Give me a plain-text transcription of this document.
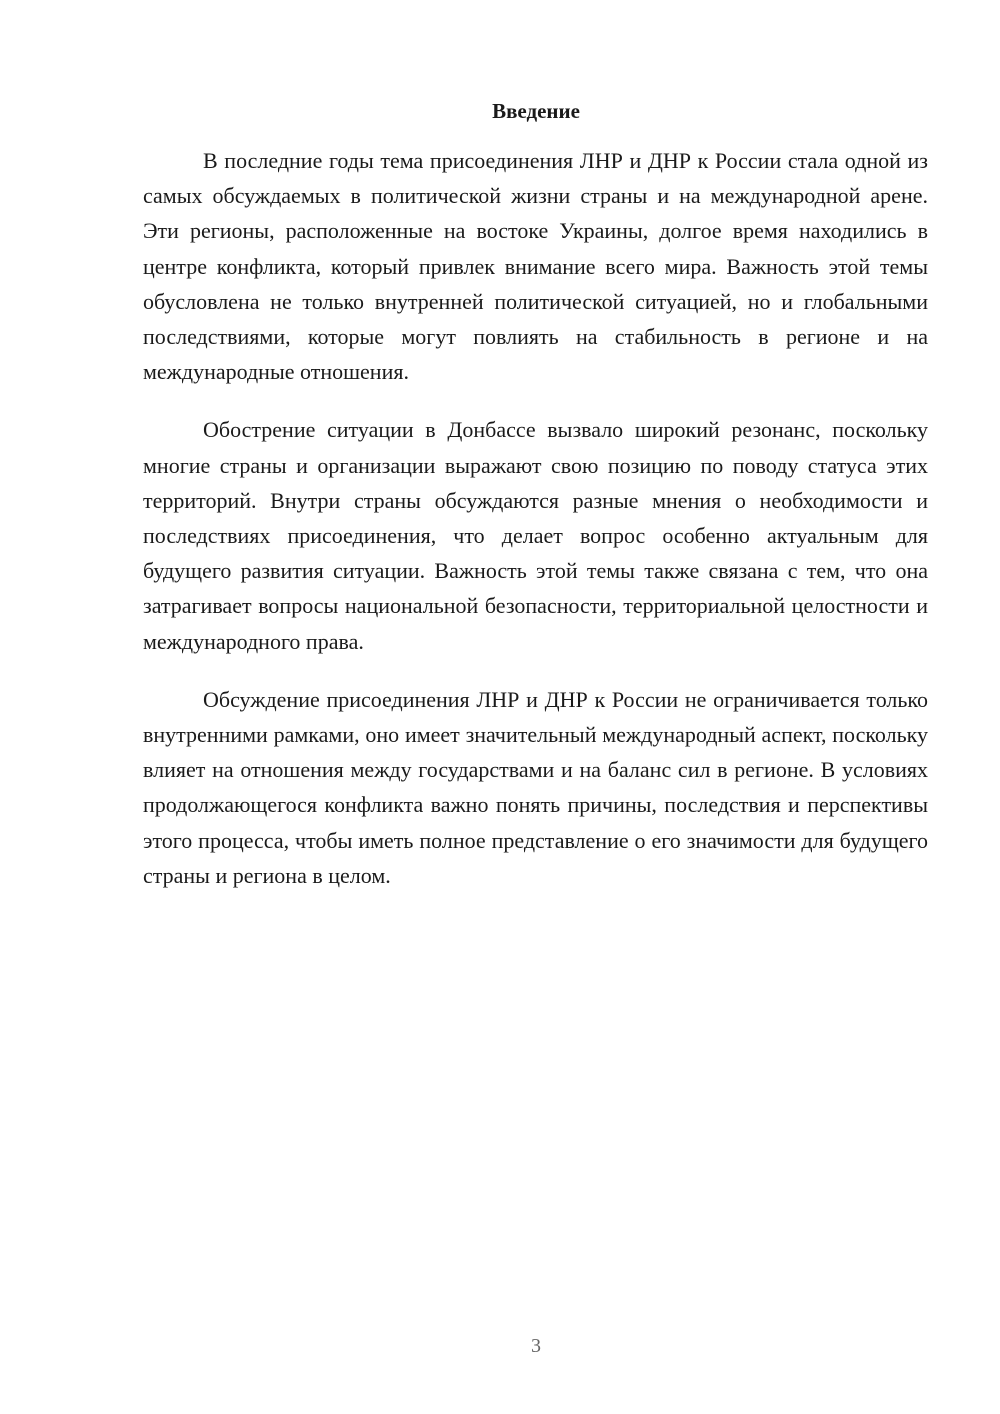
Введение

В последние годы тема присоединения ЛНР и ДНР к России стала одной из самых обсуждаемых в политической жизни страны и на международной арене. Эти регионы, расположенные на востоке Украины, долгое время находились в центре конфликта, который привлек внимание всего мира. Важность этой темы обусловлена не только внутренней политической ситуацией, но и глобальными последствиями, которые могут повлиять на стабильность в регионе и на международные отношения.

Обострение ситуации в Донбассе вызвало широкий резонанс, поскольку многие страны и организации выражают свою позицию по поводу статуса этих территорий. Внутри страны обсуждаются разные мнения о необходимости и последствиях присоединения, что делает вопрос особенно актуальным для будущего развития ситуации. Важность этой темы также связана с тем, что она затрагивает вопросы национальной безопасности, территориальной целостности и международного права.

Обсуждение присоединения ЛНР и ДНР к России не ограничивается только внутренними рамками, оно имеет значительный международный аспект, поскольку влияет на отношения между государствами и на баланс сил в регионе. В условиях продолжающегося конфликта важно понять причины, последствия и перспективы этого процесса, чтобы иметь полное представление о его значимости для будущего страны и региона в целом.

3
